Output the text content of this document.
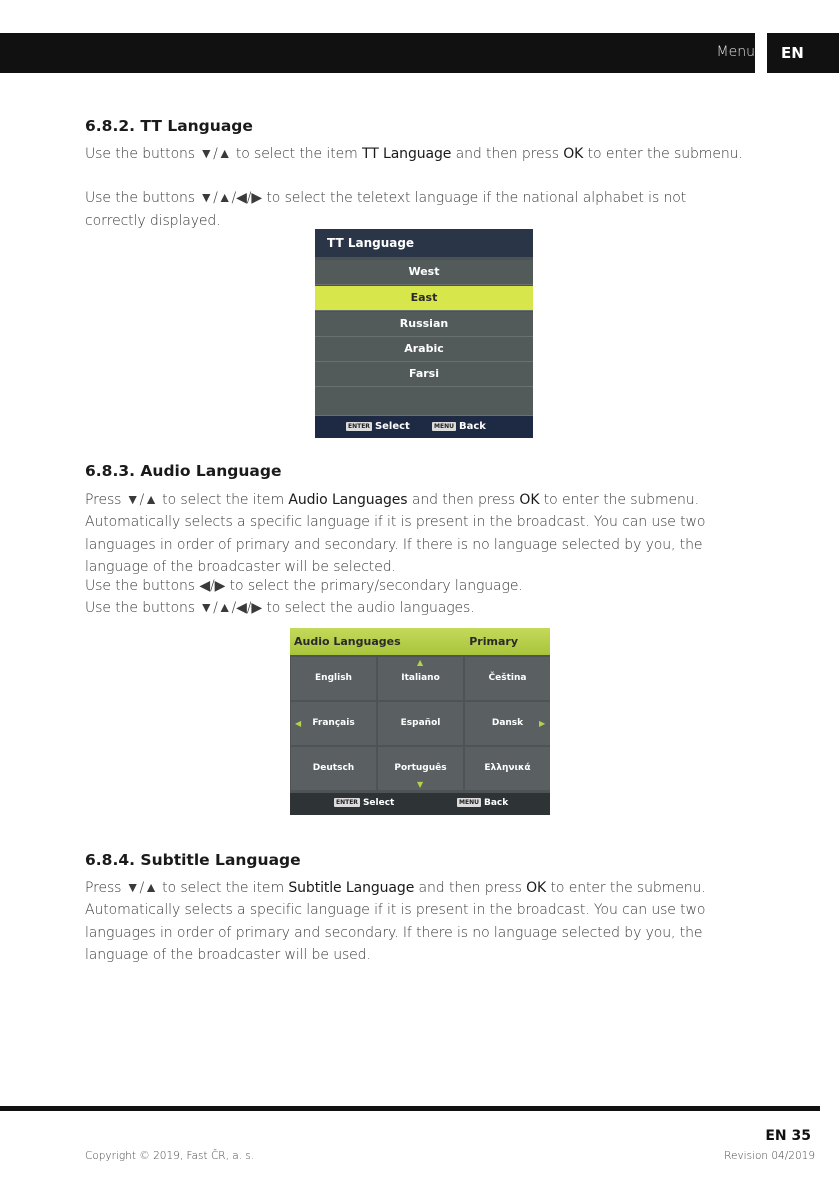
Menu EN
6.8.2. TT Language

Use the buttons ▼/▲ to select the item TT Language and then press OK to enter the submenu.

Use the buttons ▼/▲/◀/▶ to select the teletext language if the national alphabet is not correctly displayed.

TT Language
West
East
Russian
Arabic
Farsi
ENTER Select	MENU Back
6.8.3. Audio Language

Press ▼/▲ to select the item Audio Languages and then press OK to enter the submenu.

Automatically selects a specific language if it is present in the broadcast. You can use two languages in order of primary and secondary. If there is no language selected by you, the language of the broadcaster will be selected.

Use the buttons ◀/▶ to select the primary/secondary language.

Use the buttons ▼/▲/◀/▶ to select the audio languages.

Audio Languages	Primary
English	Italiano	Čeština
Français	Español	Dansk
Deutsch	Português	Ελληνικά
▲
▼
◀	▶
ENTER Select	MENU Back
6.8.4. Subtitle Language

Press ▼/▲ to select the item Subtitle Language and then press OK to enter the submenu.

Automatically selects a specific language if it is present in the broadcast. You can use two languages in order of primary and secondary. If there is no language selected by you, the language of the broadcaster will be used.

EN 35
Copyright © 2019, Fast ČR, a. s.	Revision 04/2019
